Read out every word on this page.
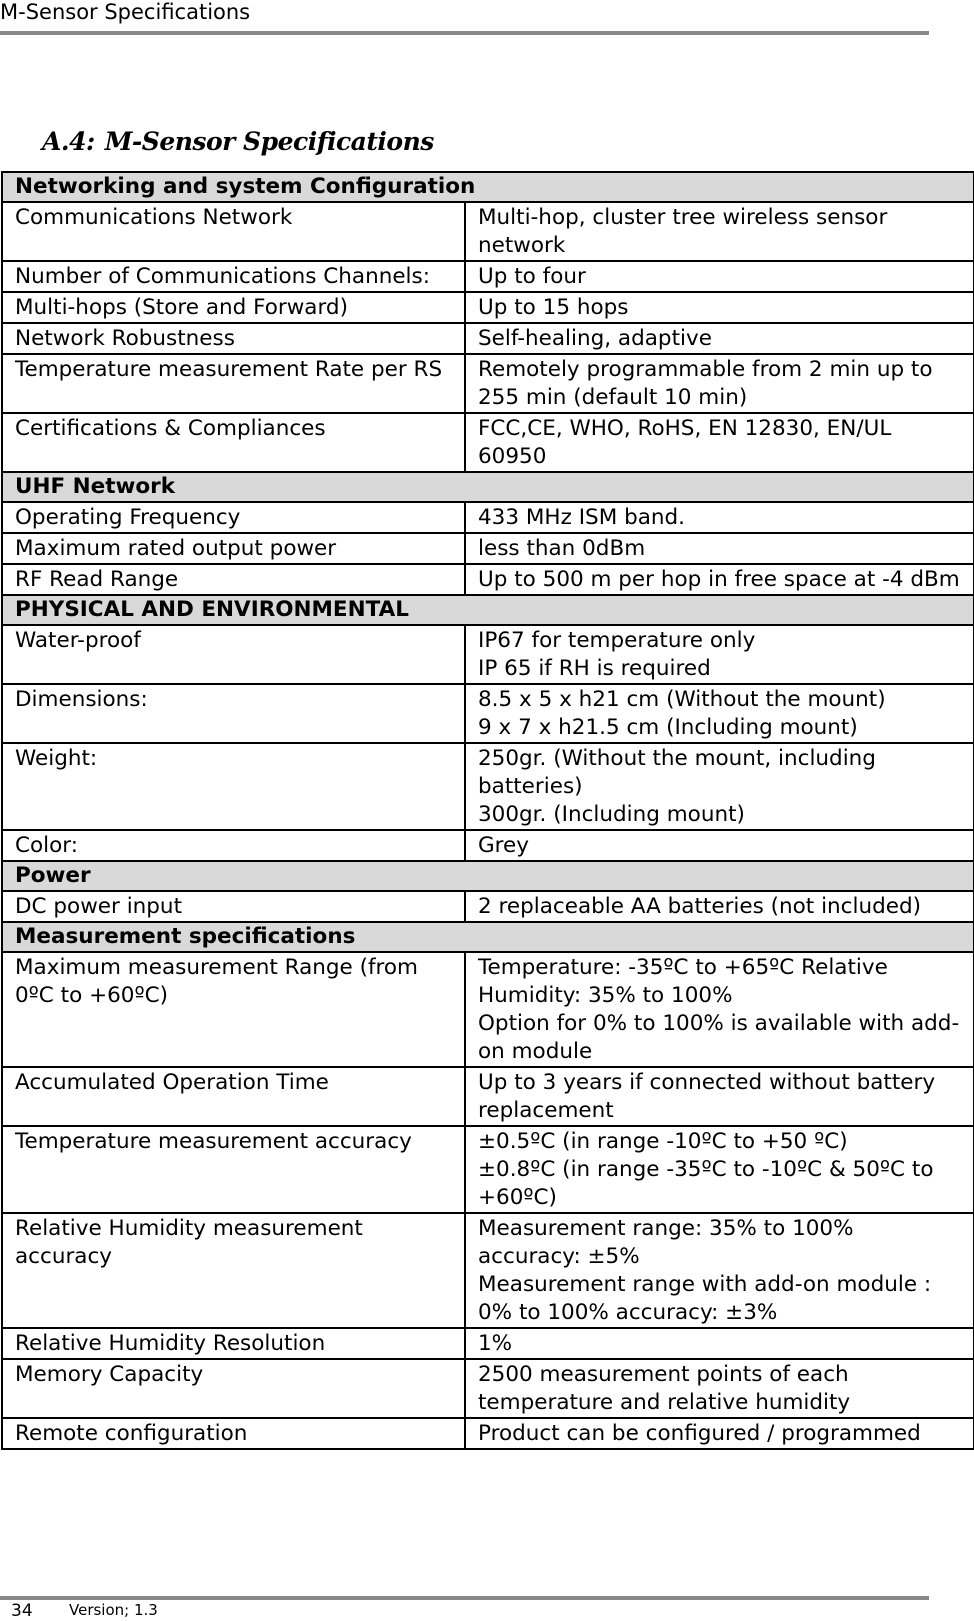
M-Sensor Specifications
A.4: M-Sensor Specifications
Networking and system Configuration	
Communications Network	Multi-hop, cluster tree wireless sensor network

Number of Communications Channels:	Up to four

Multi-hops (Store and Forward)	Up to 15 hops

Network Robustness	Self-healing, adaptive

Temperature measurement Rate per RS	Remotely programmable from 2 min up to 255 min (default 10 min)

Certifications & Compliances	FCC,CE, WHO, RoHS, EN 12830, EN/UL 60950

UHF Network	
Operating Frequency	433 MHz ISM band.

Maximum rated output power	less than 0dBm

RF Read Range	Up to 500 m per hop in free space at -4 dBm

PHYSICAL AND ENVIRONMENTAL	
Water-proof	IP67 for temperature only
IP 65 if RH is required

Dimensions:	8.5 x 5 x h21 cm (Without the mount)
9 x 7 x h21.5 cm (Including mount)

Weight:	250gr. (Without the mount, including batteries)
300gr. (Including mount)

Color:	Grey

Power	
DC power input	2 replaceable AA batteries (not included)

Measurement specifications	
Maximum measurement Range (from 0ºC to +60ºC)	Temperature: -35ºC to +65ºC Relative Humidity: 35% to 100%
Option for 0% to 100% is available with add-on module

Accumulated Operation Time	Up to 3 years if connected without battery replacement

Temperature measurement accuracy	±0.5ºC (in range -10ºC to +50 ºC)
±0.8ºC (in range -35ºC to -10ºC & 50ºC to +60ºC)

Relative Humidity measurement accuracy	Measurement range: 35% to 100% accuracy: ±5%
Measurement range with add-on module : 0% to 100% accuracy: ±3%

Relative Humidity Resolution	1%

Memory Capacity	2500 measurement points of each temperature and relative humidity

Remote configuration	Product can be configured / programmed
34 Version; 1.3
